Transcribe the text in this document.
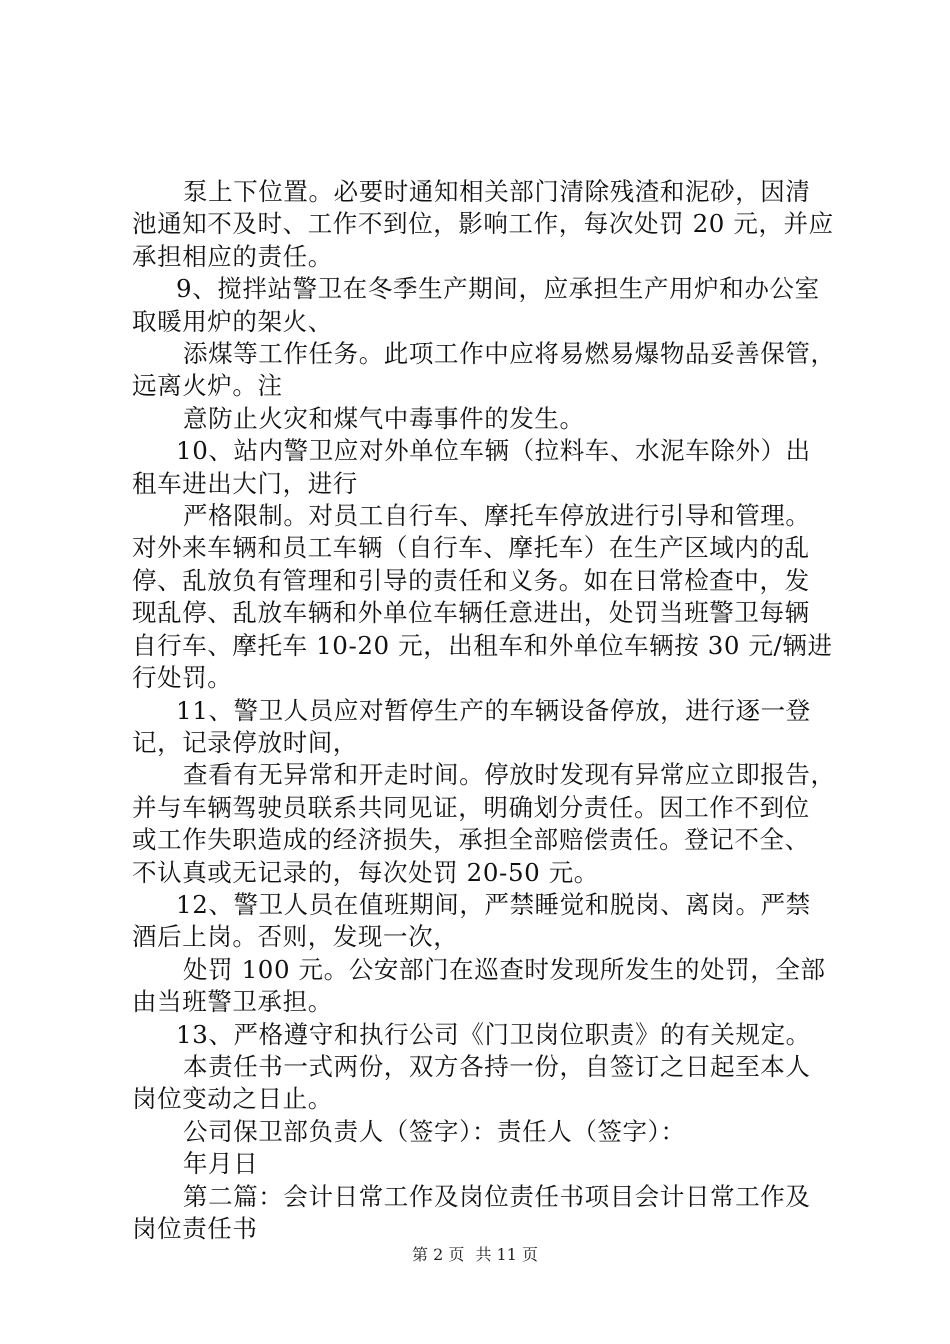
泵上下位置。必要时通知相关部门清除残渣和泥砂，因清

池通知不及时、工作不到位，影响工作，每次处罚 20 元，并应

承担相应的责任。

9、搅拌站警卫在冬季生产期间，应承担生产用炉和办公室

取暖用炉的架火、

添煤等工作任务。此项工作中应将易燃易爆物品妥善保管，

远离火炉。注

意防止火灾和煤气中毒事件的发生。

10、站内警卫应对外单位车辆（拉料车、水泥车除外）出

租车进出大门，进行

严格限制。对员工自行车、摩托车停放进行引导和管理。

对外来车辆和员工车辆（自行车、摩托车）在生产区域内的乱

停、乱放负有管理和引导的责任和义务。如在日常检查中，发

现乱停、乱放车辆和外单位车辆任意进出，处罚当班警卫每辆

自行车、摩托车 10-20 元，出租车和外单位车辆按 30 元/辆进

行处罚。

11、警卫人员应对暂停生产的车辆设备停放，进行逐一登

记，记录停放时间，

查看有无异常和开走时间。停放时发现有异常应立即报告，

并与车辆驾驶员联系共同见证，明确划分责任。因工作不到位

或工作失职造成的经济损失，承担全部赔偿责任。登记不全、

不认真或无记录的，每次处罚 20-50 元。

12、警卫人员在值班期间，严禁睡觉和脱岗、离岗。严禁

酒后上岗。否则，发现一次，

处罚 100 元。公安部门在巡查时发现所发生的处罚，全部

由当班警卫承担。

13、严格遵守和执行公司《门卫岗位职责》的有关规定。

本责任书一式两份，双方各持一份，自签订之日起至本人

岗位变动之日止。

公司保卫部负责人（签字）：责任人（签字）：

年月日

第二篇：会计日常工作及岗位责任书项目会计日常工作及

岗位责任书

第 2 页 共 11 页
